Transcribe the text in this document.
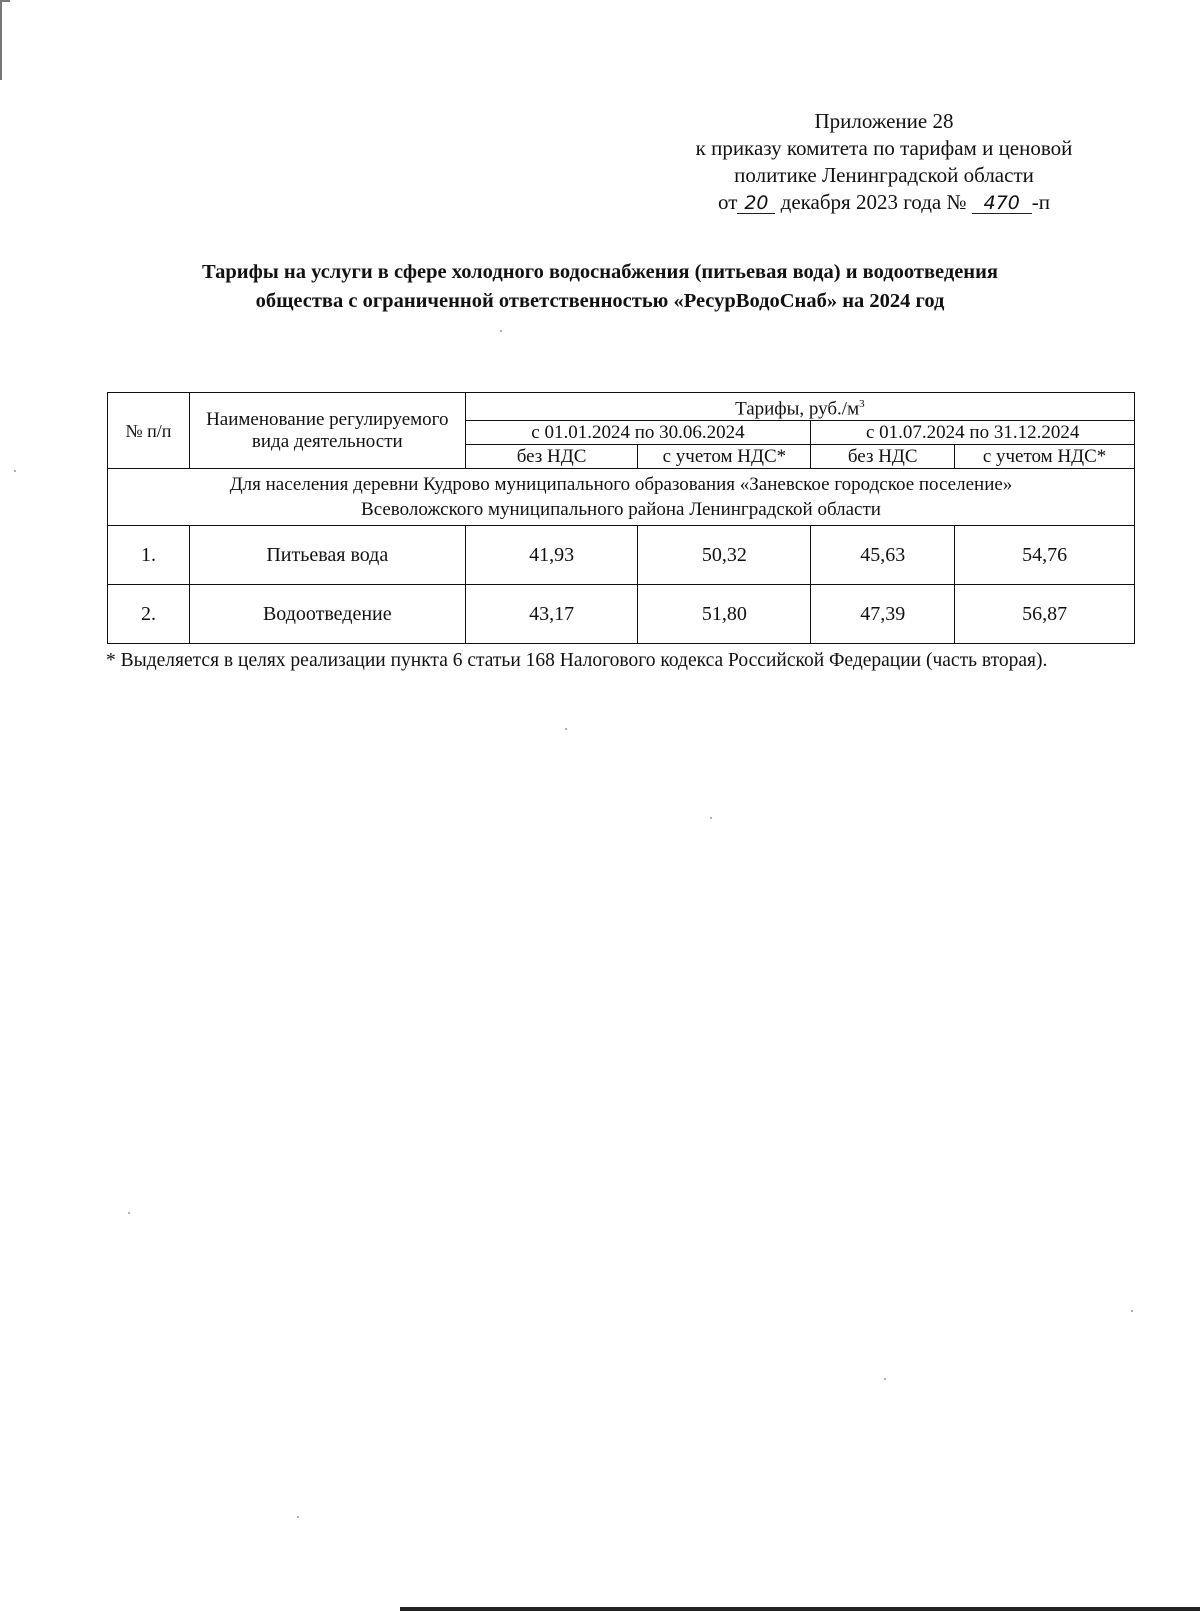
Приложение 28
к приказу комитета по тарифам и ценовой
политике Ленинградской области
от 20 декабря 2023 года № 470 -п
Тарифы на услуги в сфере холодного водоснабжения (питьевая вода) и водоотведения
общества с ограниченной ответственностью «РесурВодоСнаб» на 2024 год
№ п/п	Наименование регулируемого вида деятельности	Тарифы, $руб./м^3$
		с 01.01.2024 по 30.06.2024		с 01.07.2024 по 31.12.2024	
		без НДС	с учетом НДС*	без НДС	с учетом НДС*

Для населения деревни Кудрово муниципального образования «Заневское городское поселение»
Всеволожского муниципального района Ленинградской области					

1.	Питьевая вода	41,93	50,32	45,63	54,76
2.	Водоотведение	43,17	51,80	47,39	56,87
* Выделяется в целях реализации пункта 6 статьи 168 Налогового кодекса Российской Федерации (часть вторая).
